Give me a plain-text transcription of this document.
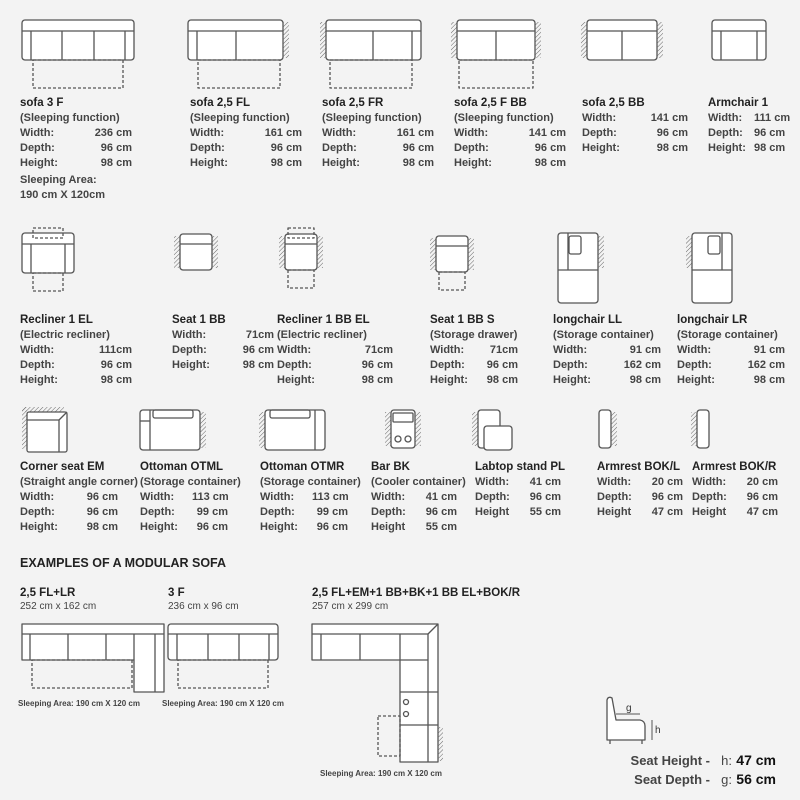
g
h
sofa 3 F
(Sleeping function)
Width:	236 cm
Depth:	96 cm
Height:	98 cm
Sleeping Area:
190 cm X 120cm
sofa 2,5 FL
(Sleeping function)
Width:	161 cm
Depth:	96 cm
Height:	98 cm
sofa 2,5 FR
(Sleeping function)
Width:	161 cm
Depth:	96 cm
Height:	98 cm
sofa 2,5 F BB
(Sleeping function)
Width:	141 cm
Depth:	96 cm
Height:	98 cm
sofa 2,5 BB
Width:	141 cm
Depth:	96 cm
Height:	98 cm
Armchair 1
Width: 111 cm
Depth: 96 cm
Height: 98 cm
Recliner 1 EL
(Electric recliner)
Width:	111cm
Depth:	96 cm
Height:	98 cm
Seat 1 BB
Width:	71cm
Depth:	96 cm
Height:	98 cm
Recliner 1 BB EL
(Electric recliner)
Width:	71cm
Depth:	96 cm
Height:	98 cm
Seat 1 BB S
(Storage drawer)
Width: 71cm
Depth: 96 cm
Height: 98 cm
longchair LL
(Storage container)
Width:	91 cm
Depth:	162 cm
Height:	98 cm
longchair LR
(Storage container)
Width:	91 cm
Depth:	162 cm
Height:	98 cm
Corner seat EM
(Straight angle corner)
Width:	96 cm
Depth:	96 cm
Height:	98 cm
Ottoman OTML
(Storage container)
Width: 113 cm
Depth: 99 cm
Height: 96 cm
Ottoman OTMR
(Storage container)
Width: 113 cm
Depth: 99 cm
Height: 96 cm
Bar BK
(Cooler container)
Width: 41 cm
Depth: 96 cm
Height 55 cm
Labtop stand PL
Width: 41 cm
Depth: 96 cm
Height 55 cm
Armrest BOK/L
Width: 20 cm
Depth: 96 cm
Height 47 cm
Armrest BOK/R
Width: 20 cm
Depth: 96 cm
Height 47 cm
EXAMPLES OF A MODULAR SOFA
2,5 FL+LR
252 cm x 162 cm
3 F
236 cm x 96 cm
2,5 FL+EM+1 BB+BK+1 BB EL+BOK/R
257 cm x 299 cm
Sleeping Area: 190 cm X 120 cm	Sleeping Area: 190 cm X 120 cm
Sleeping Area: 190 cm X 120 cm
Seat Height - h: 47 cm
Seat Depth - g: 56 cm
